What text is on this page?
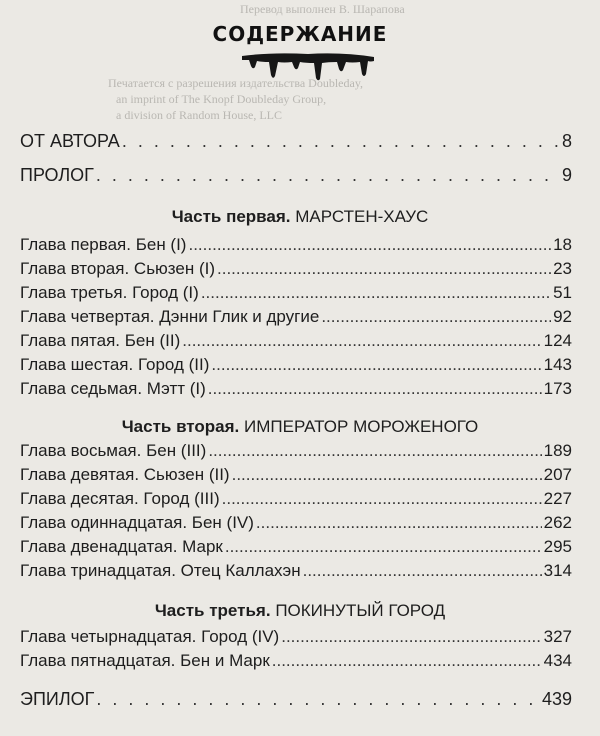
Перевод выполнен В. Шарапова
Печатается с разрешения издательства Doubleday,
an imprint of The Knopf Doubleday Group,
a division of Random House, LLC
СОДЕРЖАНИЕ
ОТ АВТОРА . . .	8
ПРОЛОГ . . .	9
Часть первая. МАРСТЕН-ХАУС
Глава первая. Бен (I) .....	18
Глава вторая. Сьюзен (I) .....	23
Глава третья. Город (I) .....	51
Глава четвертая. Дэнни Глик и другие .....	92
Глава пятая. Бен (II) .....	124
Глава шестая. Город (II) .....	143
Глава седьмая. Мэтт (I) .....	173
Часть вторая. ИМПЕРАТОР МОРОЖЕНОГО
Глава восьмая. Бен (III) .....	189
Глава девятая. Сьюзен (II) .....	207
Глава десятая. Город (III) .....	227
Глава одиннадцатая. Бен (IV) .....	262
Глава двенадцатая. Марк .....	295
Глава тринадцатая. Отец Каллахэн .....	314
Часть третья. ПОКИНУТЫЙ ГОРОД
Глава четырнадцатая. Город (IV) .....	327
Глава пятнадцатая. Бен и Марк .....	434
ЭПИЛОГ . . .	439
